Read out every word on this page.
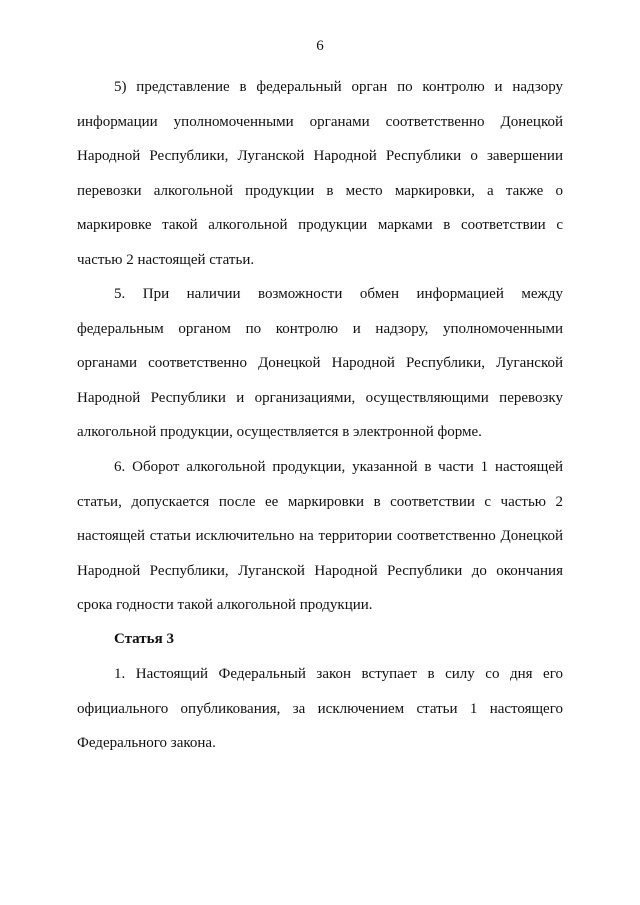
6
5) представление в федеральный орган по контролю и надзору
информации уполномоченными органами соответственно Донецкой
Народной Республики, Луганской Народной Республики о завершении
перевозки алкогольной продукции в место маркировки, а также о
маркировке такой алкогольной продукции марками в соответствии с
частью 2 настоящей статьи.
5. При наличии возможности обмен информацией между
федеральным органом по контролю и надзору, уполномоченными
органами соответственно Донецкой Народной Республики, Луганской
Народной Республики и организациями, осуществляющими перевозку
алкогольной продукции, осуществляется в электронной форме.
6. Оборот алкогольной продукции, указанной в части 1 настоящей
статьи, допускается после ее маркировки в соответствии с частью 2
настоящей статьи исключительно на территории соответственно Донецкой
Народной Республики, Луганской Народной Республики до окончания
срока годности такой алкогольной продукции.
Статья 3
1. Настоящий Федеральный закон вступает в силу со дня его
официального опубликования, за исключением статьи 1 настоящего
Федерального закона.
